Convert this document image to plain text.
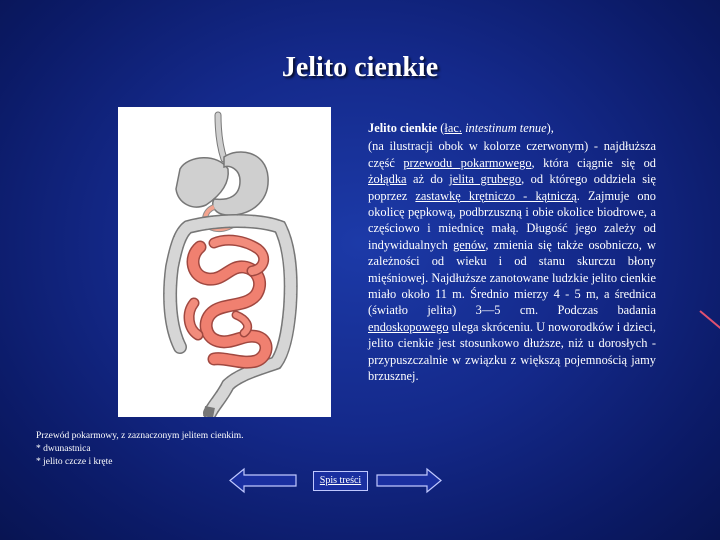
Jelito cienkie
Jelito cienkie (łac. intestinum tenue),
(na ilustracji obok w kolorze czerwonym) - najdłuższa część przewodu pokarmowego, która ciągnie się od żołądka aż do jelita grubego, od którego oddziela się poprzez zastawkę krętniczo - kątniczą. Zajmuje ono okolicę pępkową, podbrzuszną i obie okolice biodrowe, a częściowo i miednicę małą. Długość jego zależy od indywidualnych genów, zmienia się także osobniczo, w zależności od wieku i od stanu skurczu błony mięśniowej. Najdłuższe zanotowane ludzkie jelito cienkie miało około 11 m. Średnio mierzy 4 - 5 m, a średnica (światło jelita) 3—5 cm. Podczas badania endoskopowego ulega skróceniu. U noworodków i dzieci, jelito cienkie jest stosunkowo dłuższe, niż u dorosłych - przypuszczalnie w związku z większą pojemnością jamy brzusznej.
Przewód pokarmowy, z zaznaczonym jelitem cienkim.
* dwunastnica
* jelito czcze i kręte
Spis treści
